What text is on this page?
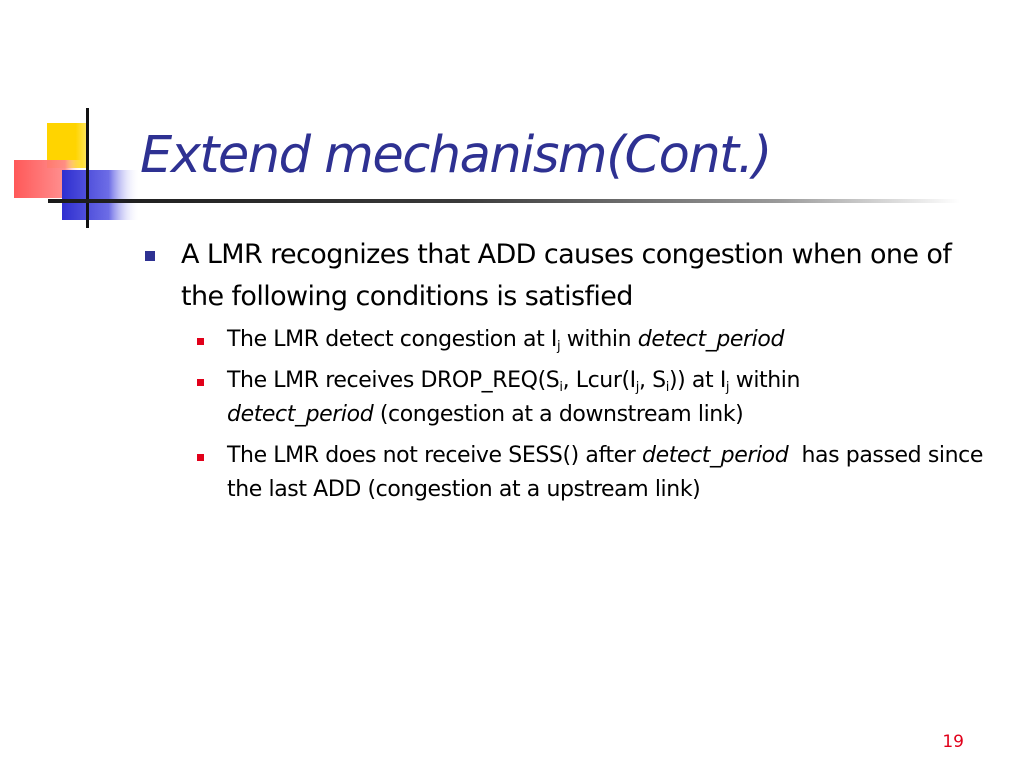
Extend mechanism(Cont.)

A LMR recognizes that ADD causes congestion when one of the following conditions is satisfied

The LMR detect congestion at $I_j$ within detect_period

The LMR receives $DROP\_REQ(S_i$, $Lcur(I_j$, $S_i$)) at $I_j$ within
detect_period (congestion at a downstream link)

The LMR does not receive SESS() after detect_period  has passed since the last ADD (congestion at a upstream link)

19
